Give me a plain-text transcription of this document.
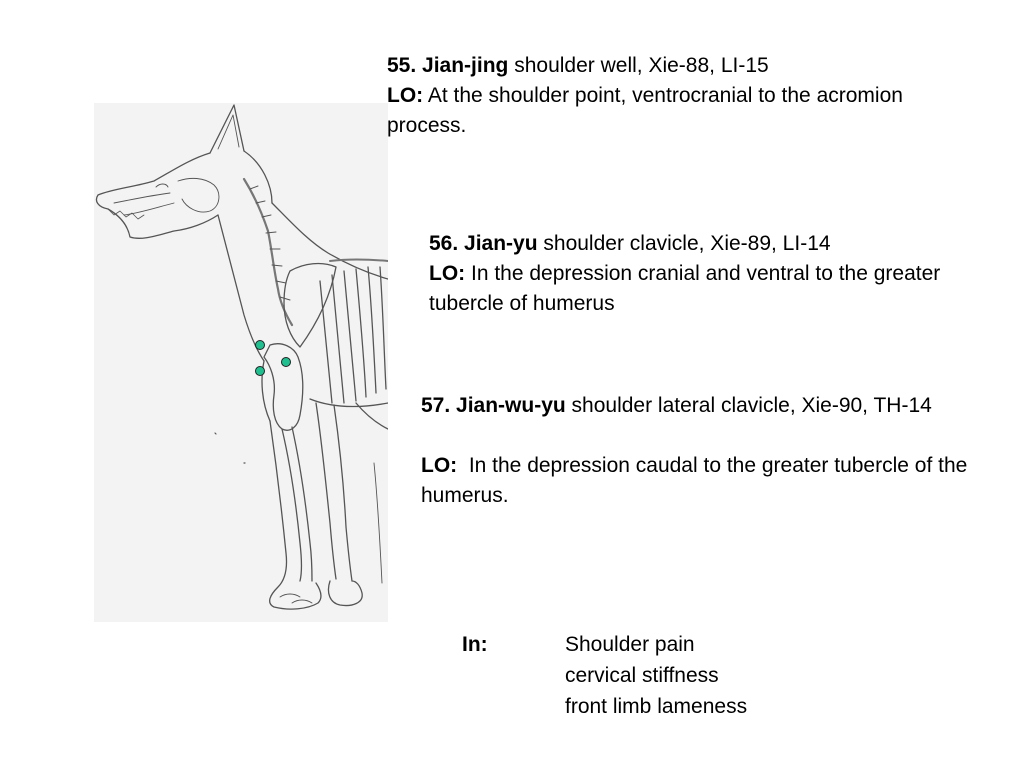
55. Jian-jing shoulder well, Xie-88, LI-15
LO: At the shoulder point, ventrocranial to the acromion process.
56. Jian-yu shoulder clavicle, Xie-89, LI-14
LO: In the depression cranial and ventral to the greater tubercle of humerus
57. Jian-wu-yu shoulder lateral clavicle, Xie-90, TH-14
LO:  In the depression caudal to the greater tubercle of the humerus.
In:	Shoulder pain
cervical stiffness
front limb lameness
